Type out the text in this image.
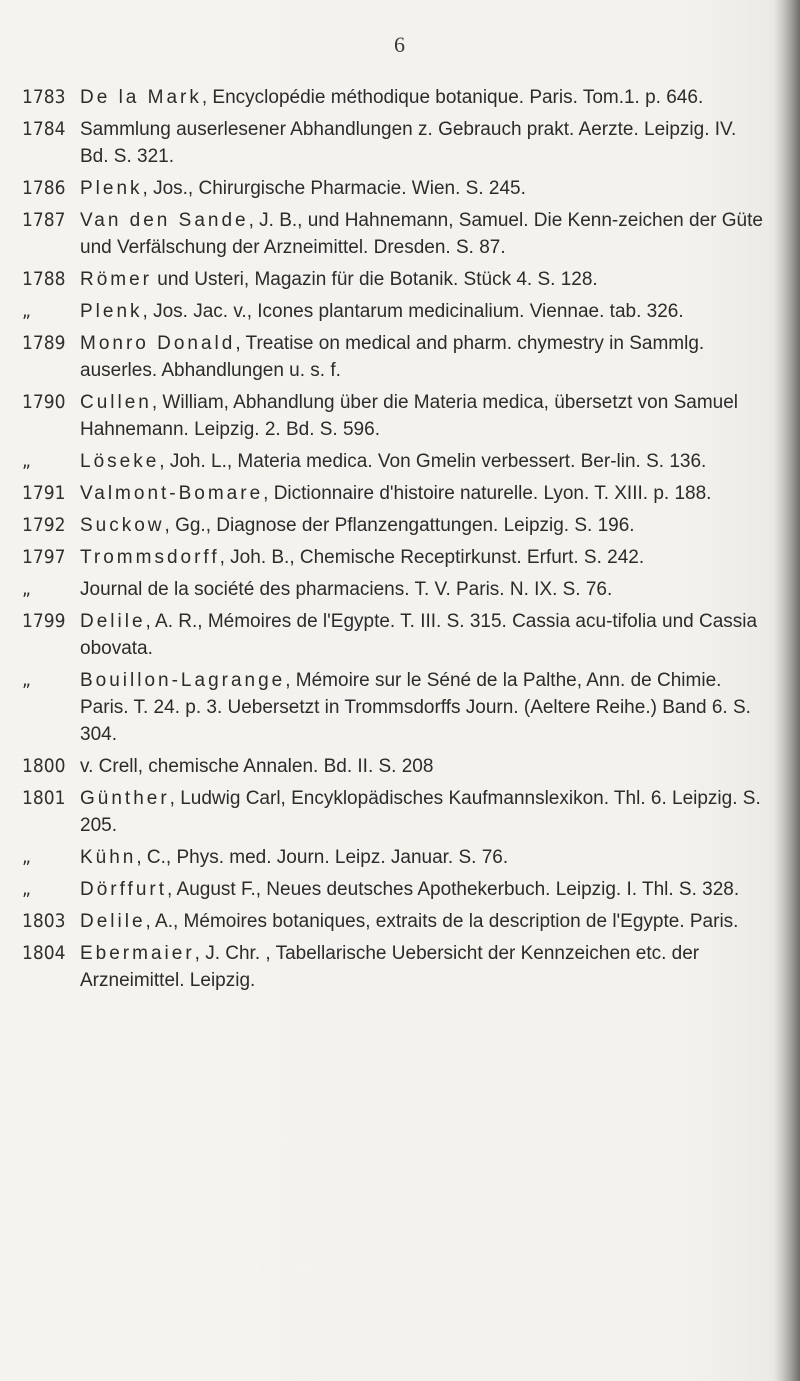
6
1783 De la Mark, Encyclopédie méthodique botanique. Paris. Tom.1. p. 646.
1784 Sammlung auserlesener Abhandlungen z. Gebrauch prakt. Aerzte. Leipzig. IV. Bd. S. 321.
1786 Plenk, Jos., Chirurgische Pharmacie. Wien. S. 245.
1787 Van den Sande, J. B., und Hahnemann, Samuel. Die Kenn-zeichen der Güte und Verfälschung der Arzneimittel. Dresden. S. 87.
1788 Römer und Usteri, Magazin für die Botanik. Stück 4. S. 128.
„	Plenk, Jos. Jac. v., Icones plantarum medicinalium. Viennae. tab. 326.
1789 Monro Donald, Treatise on medical and pharm. chymestry in Sammlg. auserles. Abhandlungen u. s. f.
1790 Cullen, William, Abhandlung über die Materia medica, übersetzt von Samuel Hahnemann. Leipzig. 2. Bd. S. 596.
„	Löseke, Joh. L., Materia medica. Von Gmelin verbessert. Ber-lin. S. 136.
1791 Valmont-Bomare, Dictionnaire d'histoire naturelle. Lyon. T. XIII. p. 188.
1792 Suckow, Gg., Diagnose der Pflanzengattungen. Leipzig. S. 196.
1797 Trommsdorff, Joh. B., Chemische Receptirkunst. Erfurt. S. 242.
„	Journal de la société des pharmaciens. T. V. Paris. N. IX. S. 76.
1799 Delile, A. R., Mémoires de l'Egypte. T. III. S. 315. Cassia acu-tifolia und Cassia obovata.
„	Bouillon-Lagrange, Mémoire sur le Séné de la Palthe, Ann. de Chimie. Paris. T. 24. p. 3. Uebersetzt in Trommsdorffs Journ. (Aeltere Reihe.) Band 6. S. 304.
1800 v. Crell, chemische Annalen. Bd. II. S. 208
1801 Günther, Ludwig Carl, Encyklopädisches Kaufmannslexikon. Thl. 6. Leipzig. S. 205.
„	Kühn, C., Phys. med. Journ. Leipz. Januar. S. 76.
„	Dörffurt, August F., Neues deutsches Apothekerbuch. Leipzig. I. Thl. S. 328.
1803 Delile, A., Mémoires botaniques, extraits de la description de l'Egypte. Paris.
1804 Ebermaier, J. Chr. , Tabellarische Uebersicht der Kennzeichen etc. der Arzneimittel. Leipzig.
